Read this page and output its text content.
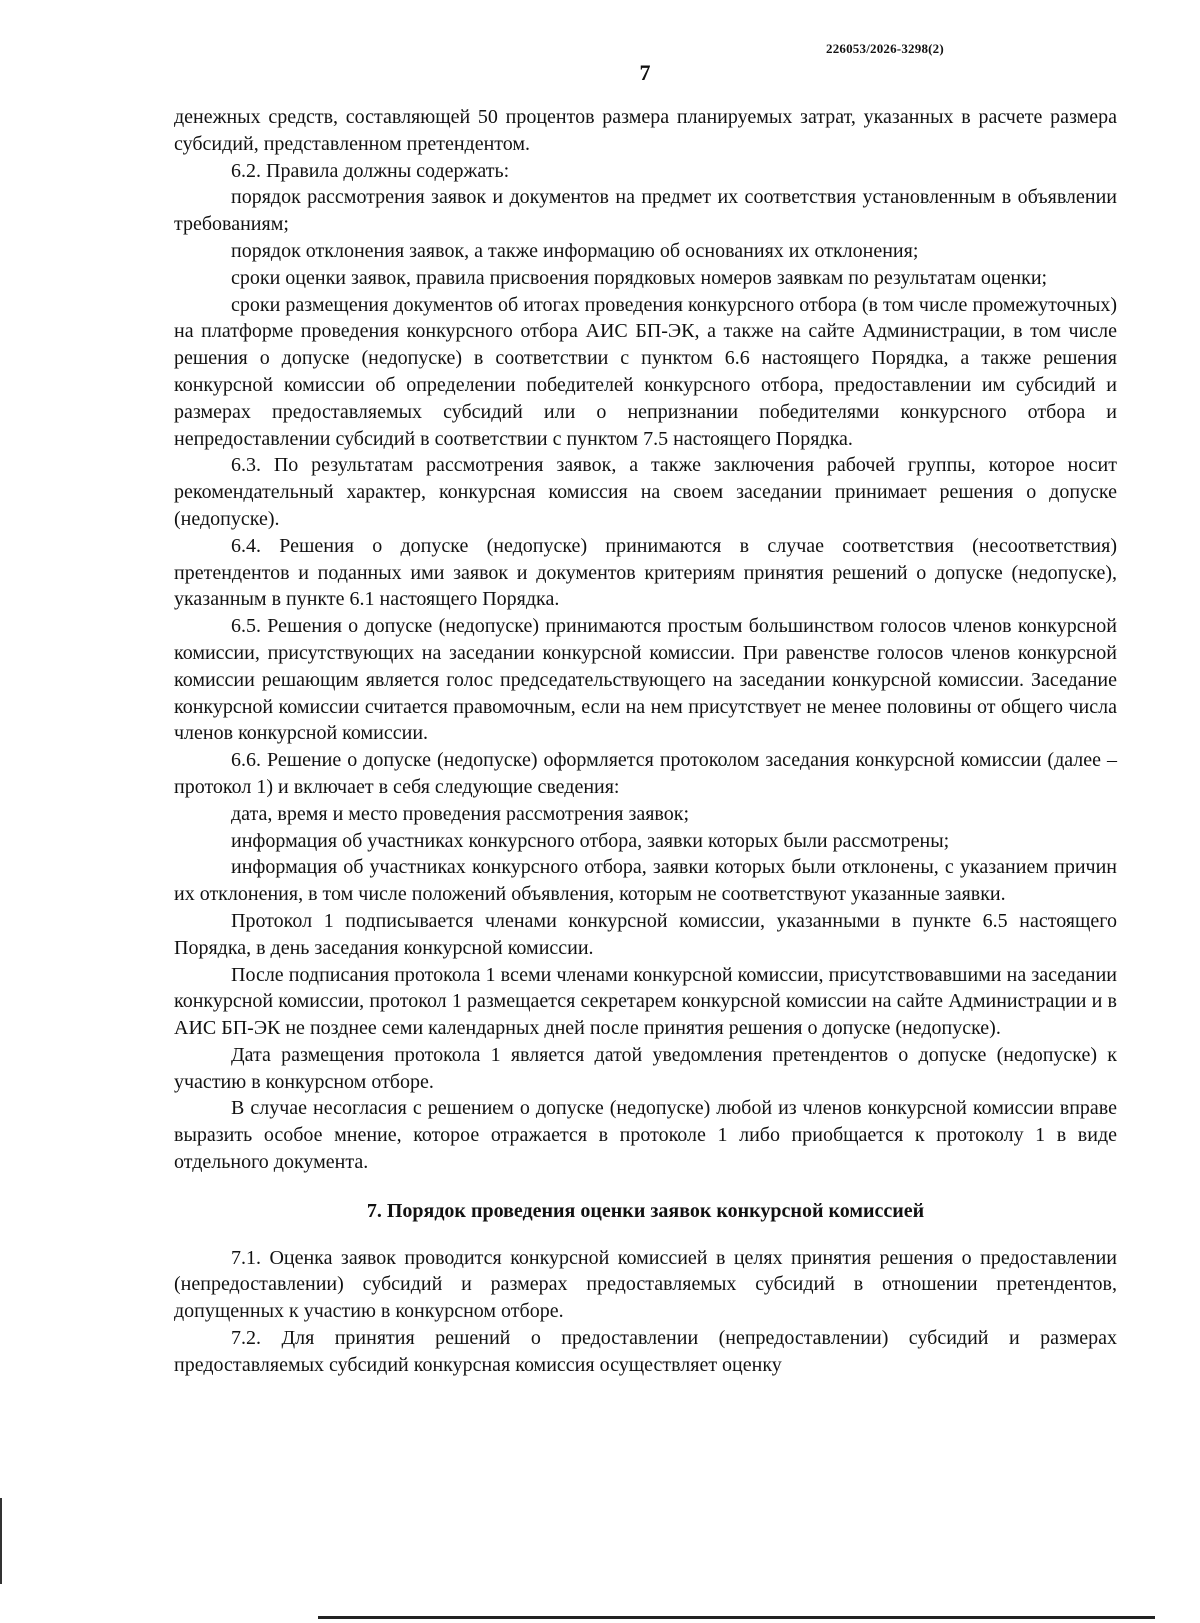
226053/2026-3298(2)
7

денежных средств, составляющей 50 процентов размера планируемых затрат, указанных в расчете размера субсидий, представленном претендентом.

6.2. Правила должны содержать:

порядок рассмотрения заявок и документов на предмет их соответствия установленным в объявлении требованиям;

порядок отклонения заявок, а также информацию об основаниях их отклонения;

сроки оценки заявок, правила присвоения порядковых номеров заявкам по результатам оценки;

сроки размещения документов об итогах проведения конкурсного отбора (в том числе промежуточных) на платформе проведения конкурсного отбора АИС БП-ЭК, а также на сайте Администрации, в том числе решения о допуске (недопуске) в соответствии с пунктом 6.6 настоящего Порядка, а также решения конкурсной комиссии об определении победителей конкурсного отбора, предоставлении им субсидий и размерах предоставляемых субсидий или о непризнании победителями конкурсного отбора и непредоставлении субсидий в соответствии с пунктом 7.5 настоящего Порядка.

6.3. По результатам рассмотрения заявок, а также заключения рабочей группы, которое носит рекомендательный характер, конкурсная комиссия на своем заседании принимает решения о допуске (недопуске).

6.4. Решения о допуске (недопуске) принимаются в случае соответствия (несоответствия) претендентов и поданных ими заявок и документов критериям принятия решений о допуске (недопуске), указанным в пункте 6.1 настоящего Порядка.

6.5. Решения о допуске (недопуске) принимаются простым большинством голосов членов конкурсной комиссии, присутствующих на заседании конкурсной комиссии. При равенстве голосов членов конкурсной комиссии решающим является голос председательствующего на заседании конкурсной комиссии. Заседание конкурсной комиссии считается правомочным, если на нем присутствует не менее половины от общего числа членов конкурсной комиссии.

6.6. Решение о допуске (недопуске) оформляется протоколом заседания конкурсной комиссии (далее – протокол 1) и включает в себя следующие сведения:

дата, время и место проведения рассмотрения заявок;

информация об участниках конкурсного отбора, заявки которых были рассмотрены;

информация об участниках конкурсного отбора, заявки которых были отклонены, с указанием причин их отклонения, в том числе положений объявления, которым не соответствуют указанные заявки.

Протокол 1 подписывается членами конкурсной комиссии, указанными в пункте 6.5 настоящего Порядка, в день заседания конкурсной комиссии.

После подписания протокола 1 всеми членами конкурсной комиссии, присутствовавшими на заседании конкурсной комиссии, протокол 1 размещается секретарем конкурсной комиссии на сайте Администрации и в АИС БП-ЭК не позднее семи календарных дней после принятия решения о допуске (недопуске).

Дата размещения протокола 1 является датой уведомления претендентов о допуске (недопуске) к участию в конкурсном отборе.

В случае несогласия с решением о допуске (недопуске) любой из членов конкурсной комиссии вправе выразить особое мнение, которое отражается в протоколе 1 либо приобщается к протоколу 1 в виде отдельного документа.

7. Порядок проведения оценки заявок конкурсной комиссией

7.1. Оценка заявок проводится конкурсной комиссией в целях принятия решения о предоставлении (непредоставлении) субсидий и размерах предоставляемых субсидий в отношении претендентов, допущенных к участию в конкурсном отборе.

7.2. Для принятия решений о предоставлении (непредоставлении) субсидий и размерах предоставляемых субсидий конкурсная комиссия осуществляет оценку
